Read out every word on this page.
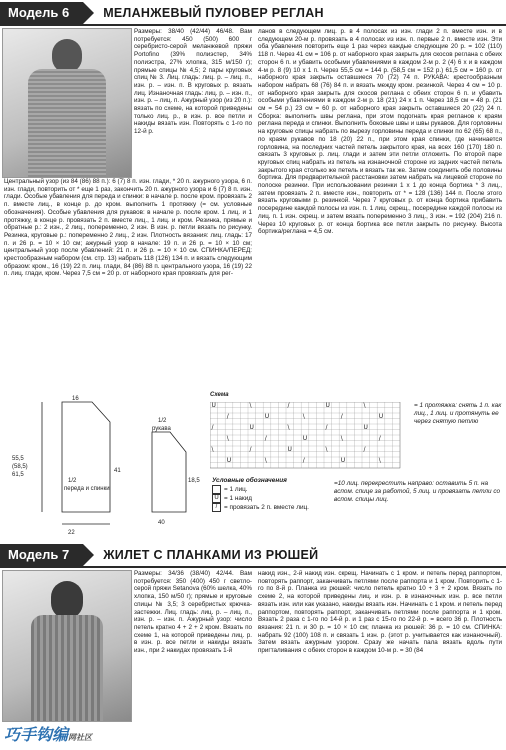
Модель 6	МЕЛАНЖЕВЫЙ ПУЛОВЕР РЕГЛАН
Размеры: 38/40 (42/44) 46/48. Вам потребуется: 450 (500) 600 г серебристо-серой меланжевой пряжи Portofino (39% полиэстер, 34% полиэстра, 27% хлопка, 315 м/150 г); прямые спицы № 4,5; 2 пары круговых спиц № 3. Лиц. гладь: лиц. р. – лиц. п., изн. р. – изн. п. В круговых р. вязать лиц. Изнаночная гладь: лиц. р. – изн. п., изн. р. – лиц. п. Ажурный узор (из 20 п.): вязать по схеме, на которой приведены только лиц. р., в изн. р. все петли и накиды вязать изн. Повторять с 1-го по 12-й р.
Центральный узор (из 84 (86) 88 п.): 6 (7) 8 п. изн. глади, * 20 п. ажурного узора, 6 п. изн. глади, повторить от * еще 1 раз, закончить 20 п. ажурного узора и 6 (7) 8 п. изн. глади. Особые убавления для переда и спинки: в начале р. после кром. провязать 2 п. вместе лиц., в конце р. до кром. выполнить 1 протяжку (= см. условные обозначения). Особые убавления для рукавов: в начале р. после кром. 1 лиц. и 1 протяжку, в конце р. провязать 2 п. вместе лиц., 1 лиц. и кром. Резинка, прямые и обратные р.: 2 изн., 2 лиц., попеременно, 2 изн. В изн. р. петли вязать по рисунку. Резинка, круговые р.: попеременно 2 лиц., 2 изн. Плотность вязания: лиц. гладь: 17 п. и 26 р. = 10 × 10 см; ажурный узор в начале: 19 п. и 26 р. = 10 × 10 см; центральный узор после убавлений: 21 п. и 26 р. = 10 × 10 см. СПИНКА/ПЕРЕД: крестообразным набором (см. стр. 13) набрать 118 (126) 134 п. и вязать следующим образом: кром., 16 (19) 22 п. лиц. глади, 84 (86) 88 п. центрального узора, 16 (19) 22 п. лиц. глади, кром. Через 7,5 см = 20 р. от наборного края провязать для рег-
ланов в следующем лиц. р. в 4 полосах из изн. глади 2 п. вместе изн. и в следующем 20-м р. провязать в 4 полосах из изн. п. первые 2 п. вместе изн. Эти оба убавления повторить еще 1 раз через каждые следующие 20 р. = 102 (110) 118 п. Через 41 см = 106 р. от наборного края закрыть для скосов реглана с обеих сторон 6 п. и убавить особыми убавлениями в каждом 2-м р. 2 (4) 6 х и в каждом 4-м р. 8 (9) 10 х 1 п. Через 55,5 см = 144 р. (58,5 см = 152 р.) 61,5 см = 160 р. от наборного края закрыть оставшиеся 70 (72) 74 п. РУКАВА: крестообразным набором набрать 68 (76) 84 п. и вязать между кром. резинкой. Через 4 см = 10 р. от наборного края закрыть для скосов реглана с обеих сторон 6 п. и убавить особыми убавлениями в каждом 2-м р. 18 (21) 24 х 1 п. Через 18,5 см = 48 р. (21 см = 54 р.) 23 см = 60 р. от наборного края закрыть оставшиеся 20 (22) 24 п. Сборка: выполнить швы реглана, при этом подогнать края регланов к краям реглана переда и спинки. Выполнить боковые швы и швы рукавов. Для горловины на круговые спицы набрать по вырезу горловины переда и спинки по 62 (65) 68 п., по краям рукавов по 18 (20) 22 п., при этом края спинки, где начинается горловина, на последних частей петель закрытого края, на всех 160 (170) 180 п. связать 3 круговых р. лиц. глади и затем эти петли отложить. По второй паре круговых спиц набрать из петель на изнаночной стороне из задних частей петель закрытого края столько же петель и вязать так же. Затем соединить обе половины бортика. Для предварительной расстановки затем набрать на лицевой стороне по полоске резинки. При использовании резинки 1 х 1 до конца бортика * 3 лиц., затем провязать 2 п. вместе изн., повторить от * = 128 (136) 144 п. После этого вязать круговыми р. резинкой. Через 7 круговых р. от конца бортика прибавить посередине каждой полосы из изн. п. 1 лиц. скрещ., посередине каждой полосы из лиц. п. 1 изн. скрещ. и затем вязать попеременно 3 лиц., 3 изн. = 192 (204) 216 п. Через 10 круговых р. от конца бортика все петли закрыть по рисунку. Высота бортика/реглана = 4,5 см.
16
55,5
(58,5)
61,5
41
22
1/2
переда и спинки
1/2
рукава
18,5
40
Схема
U	\	/	U	\
/	U	\	/	U
/	U	\	/	U
\	/	U	\	/
\	/	U	\	/
U	\	/	U	\
Условные обозначения
= 1 лиц.
U = 1 накид
/ = провязать 2 п. вместе лиц.
= 1 протяжка: снять 1 п. как лиц., 1 лиц. и протянуть ее через снятую петлю
=10 лиц. перекрестить направо: оставить 5 п. на вспом. спице за работой, 5 лиц. и провязать петли со вспом. спицы лиц.
Модель 7	ЖИЛЕТ С ПЛАНКАМИ ИЗ РЮШЕЙ
Размеры: 34/36 (38/40) 42/44. Вам потребуется: 350 (400) 450 г светло-серой пряжи Setanova (60% шелка, 40% хлопка, 150 м/50 г); прямые и круговые спицы № 3,5; 3 серебристых крючка-застежки. Лиц. гладь: лиц. р. – лиц. п., изн. р. – изн. п. Ажурный узор: число петель кратно 4 + 2 + 2 кром. Вязать по схеме 1, на которой приведены лиц. р. в изн. р. все петли и накиды вязать изн., при 2 накидах провязать 1-й
накид изн., 2-й накид изн. скрещ. Начинать с 1 кром. и петель перед раппортом, повторять раппорт, заканчивать петлями после раппорта и 1 кром. Повторить с 1-го по 8-й р. Планка из рюшей: число петель кратно 10 + 3 + 2 кром. Вязать по схеме 2, на которой приведены лиц. и изн. р. в изнаночных изн. р. все петли вязать изн. или как указано, накиды вязать изн. Начинать с 1 кром. и петель перед раппортом, повторять раппорт, заканчивать петлями после раппорта и 1 кром. Вязать 2 раза с 1-го по 14-й р. и 1 раз с 15-го по 22-й р. = всего 36 р. Плотность вязания: 21 п. и 30 р. = 10 × 10 см; планка из рюшей: 36 р. = 10 см. СПИНКА: набрать 92 (100) 108 п. и связать 1 изн. р. (этот р. учитывается как изнаночный). Затем вязать ажурным узором. Сразу же начать пала вязать вдоль пути пригталивания с обеих сторон в каждом 10-м р. = 30 (84
巧手钩编网社区
